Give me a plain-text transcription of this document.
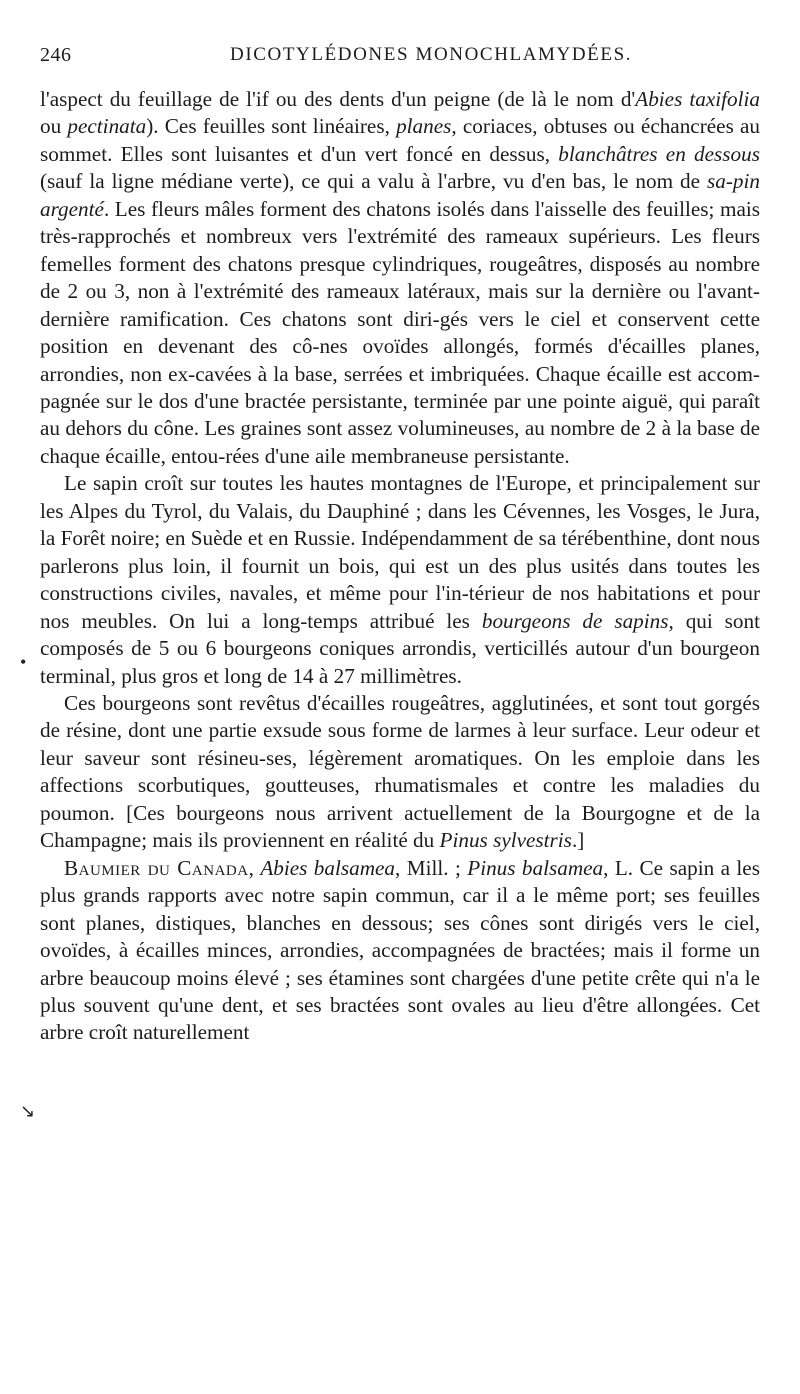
246	DICOTYLÉDONES MONOCHLAMYDÉES.

l'aspect du feuillage de l'if ou des dents d'un peigne (de là le nom d'Abies taxifolia ou pectinata). Ces feuilles sont linéaires, planes, coriaces, obtuses ou échancrées au sommet. Elles sont luisantes et d'un vert foncé en dessus, blanchâtres en dessous (sauf la ligne médiane verte), ce qui a valu à l'arbre, vu d'en bas, le nom de sa-pin argenté. Les fleurs mâles forment des chatons isolés dans l'aisselle des feuilles; mais très-rapprochés et nombreux vers l'extrémité des rameaux supérieurs. Les fleurs femelles forment des chatons presque cylindriques, rougeâtres, disposés au nombre de 2 ou 3, non à l'extrémité des rameaux latéraux, mais sur la dernière ou l'avant-dernière ramification. Ces chatons sont diri-gés vers le ciel et conservent cette position en devenant des cô-nes ovoïdes allongés, formés d'écailles planes, arrondies, non ex-cavées à la base, serrées et imbriquées. Chaque écaille est accom-pagnée sur le dos d'une bractée persistante, terminée par une pointe aiguë, qui paraît au dehors du cône. Les graines sont assez volumineuses, au nombre de 2 à la base de chaque écaille, entou-rées d'une aile membraneuse persistante.

Le sapin croît sur toutes les hautes montagnes de l'Europe, et principalement sur les Alpes du Tyrol, du Valais, du Dauphiné ; dans les Cévennes, les Vosges, le Jura, la Forêt noire; en Suède et en Russie. Indépendamment de sa térébenthine, dont nous parlerons plus loin, il fournit un bois, qui est un des plus usités dans toutes les constructions civiles, navales, et même pour l'in-térieur de nos habitations et pour nos meubles. On lui a long-temps attribué les bourgeons de sapins, qui sont composés de 5 ou 6 bourgeons coniques arrondis, verticillés autour d'un bourgeon terminal, plus gros et long de 14 à 27 millimètres.

Ces bourgeons sont revêtus d'écailles rougeâtres, agglutinées, et sont tout gorgés de résine, dont une partie exsude sous forme de larmes à leur surface. Leur odeur et leur saveur sont résineu-ses, légèrement aromatiques. On les emploie dans les affections scorbutiques, goutteuses, rhumatismales et contre les maladies du poumon. [Ces bourgeons nous arrivent actuellement de la Bourgogne et de la Champagne; mais ils proviennent en réalité du Pinus sylvestris.]

Baumier du Canada, Abies balsamea, Mill. ; Pinus balsamea, L. Ce sapin a les plus grands rapports avec notre sapin commun, car il a le même port; ses feuilles sont planes, distiques, blanches en dessous; ses cônes sont dirigés vers le ciel, ovoïdes, à écailles minces, arrondies, accompagnées de bractées; mais il forme un arbre beaucoup moins élevé ; ses étamines sont chargées d'une petite crête qui n'a le plus souvent qu'une dent, et ses bractées sont ovales au lieu d'être allongées. Cet arbre croît naturellement

•
↘
